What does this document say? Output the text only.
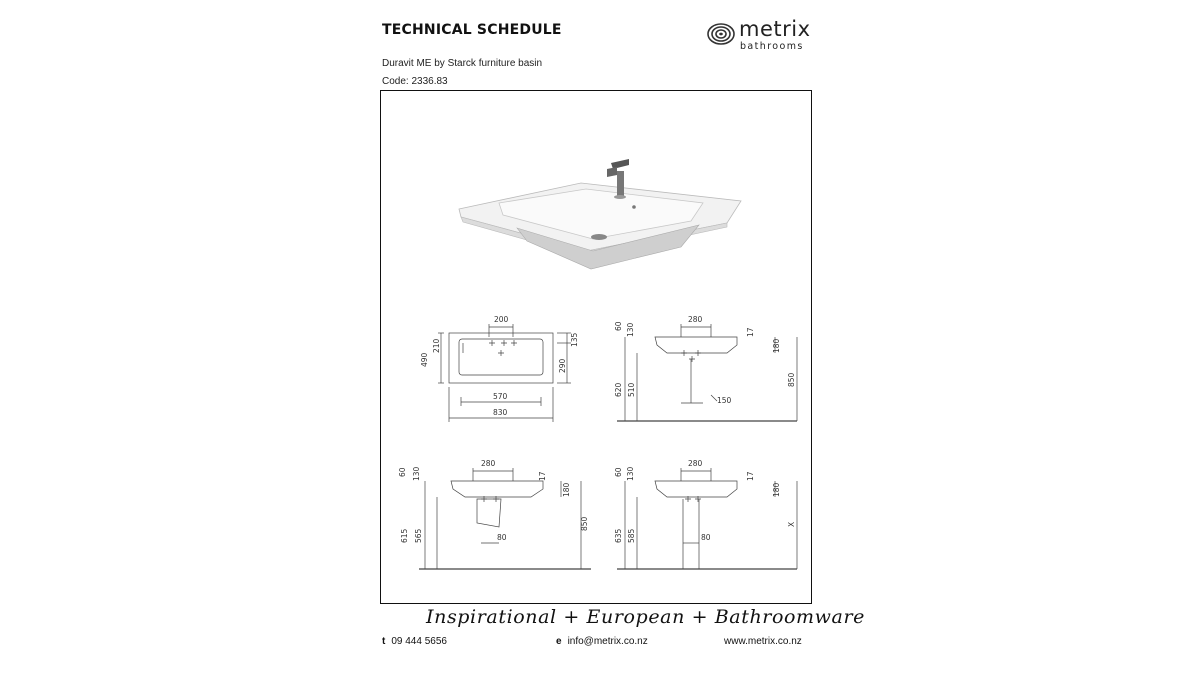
TECHNICAL SCHEDULE
Duravit ME by Starck furniture basin
Code: 2336.83
metrix
bathrooms
200
210
490
135
290
570
830
60 130
280
17
180
850
620 510
150
60 130
280
17
180
850
615 565	80
60 130
280
17
180
X
635 585	80
Inspirational + European + Bathroomware
t 09 444 5656	e info@metrix.co.nz	www.metrix.co.nz
